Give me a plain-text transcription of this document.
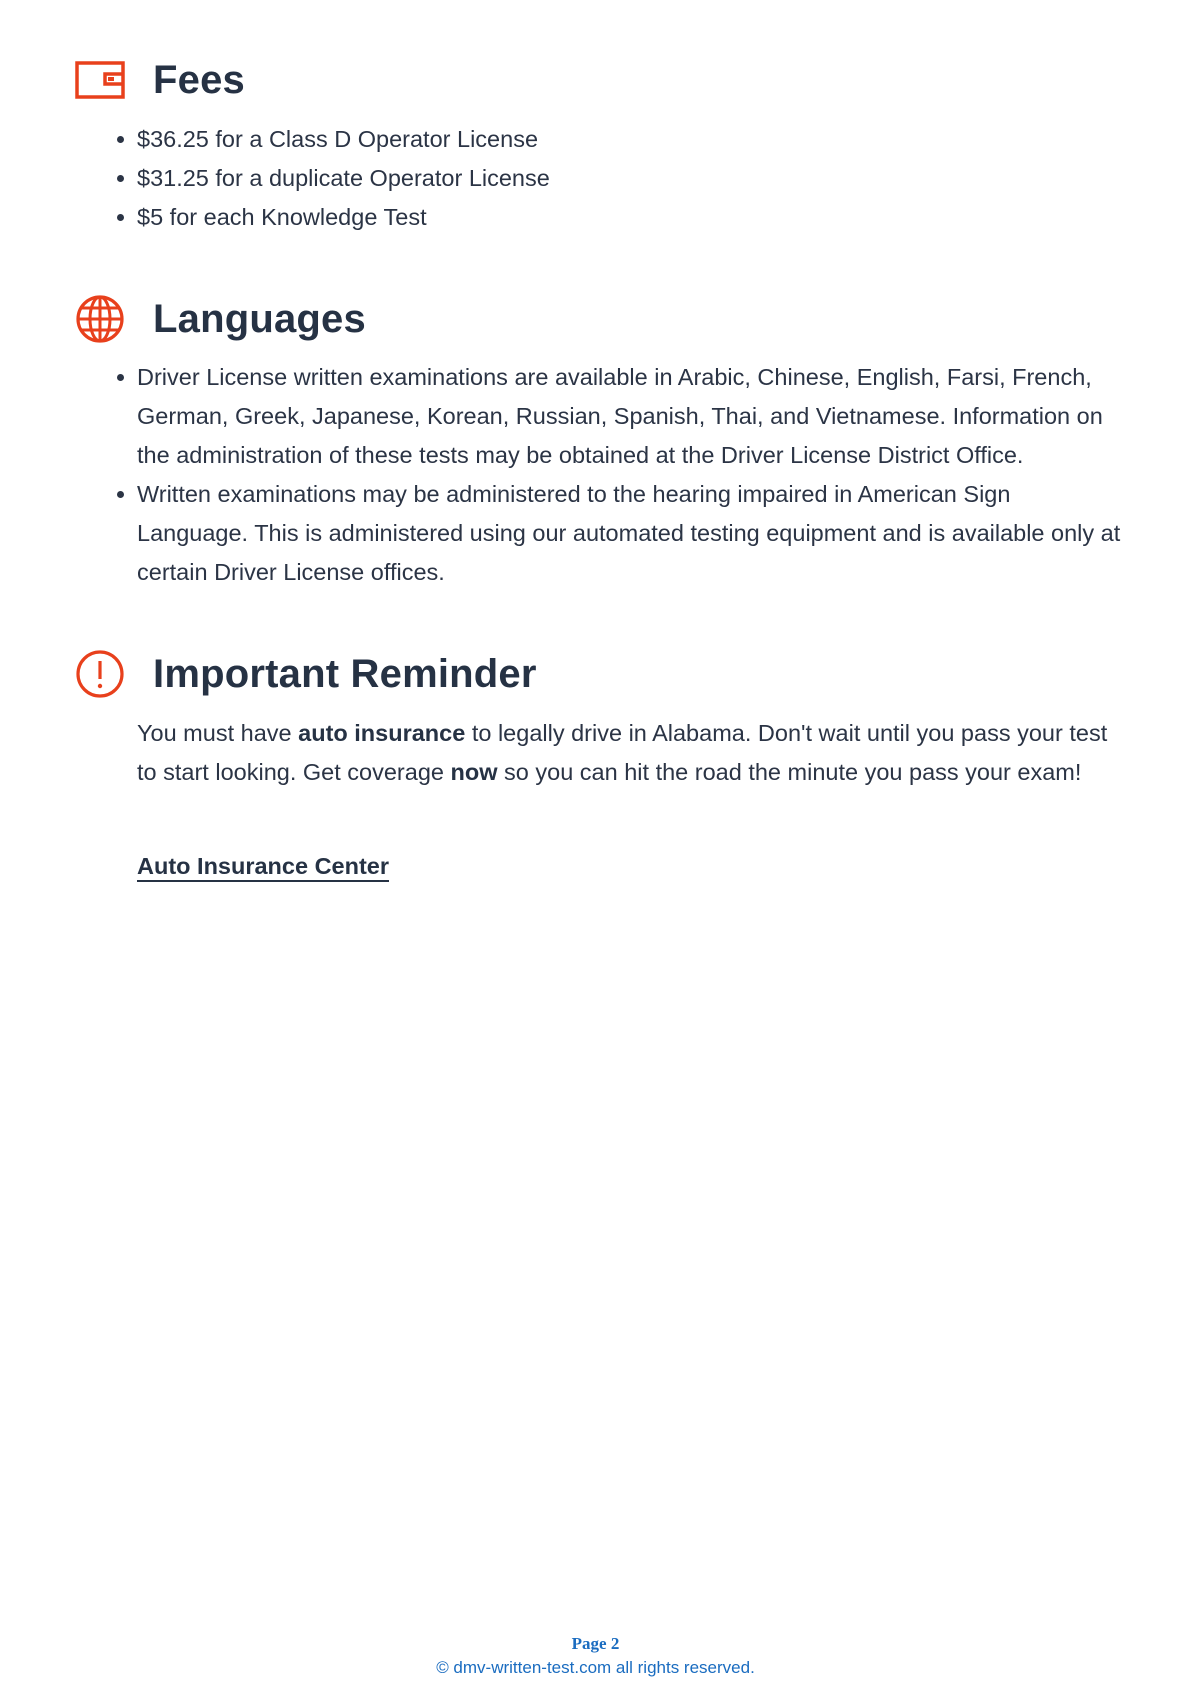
Fees
$36.25 for a Class D Operator License
$31.25 for a duplicate Operator License
$5 for each Knowledge Test
Languages
Driver License written examinations are available in Arabic, Chinese, English, Farsi, French, German, Greek, Japanese, Korean, Russian, Spanish, Thai, and Vietnamese. Information on the administration of these tests may be obtained at the Driver License District Office.
Written examinations may be administered to the hearing impaired in American Sign Language. This is administered using our automated testing equipment and is available only at certain Driver License offices.
Important Reminder

You must have auto insurance to legally drive in Alabama. Don't wait until you pass your test to start looking. Get coverage now so you can hit the road the minute you pass your exam!

Auto Insurance Center
Page 2
© dmv-written-test.com all rights reserved.
